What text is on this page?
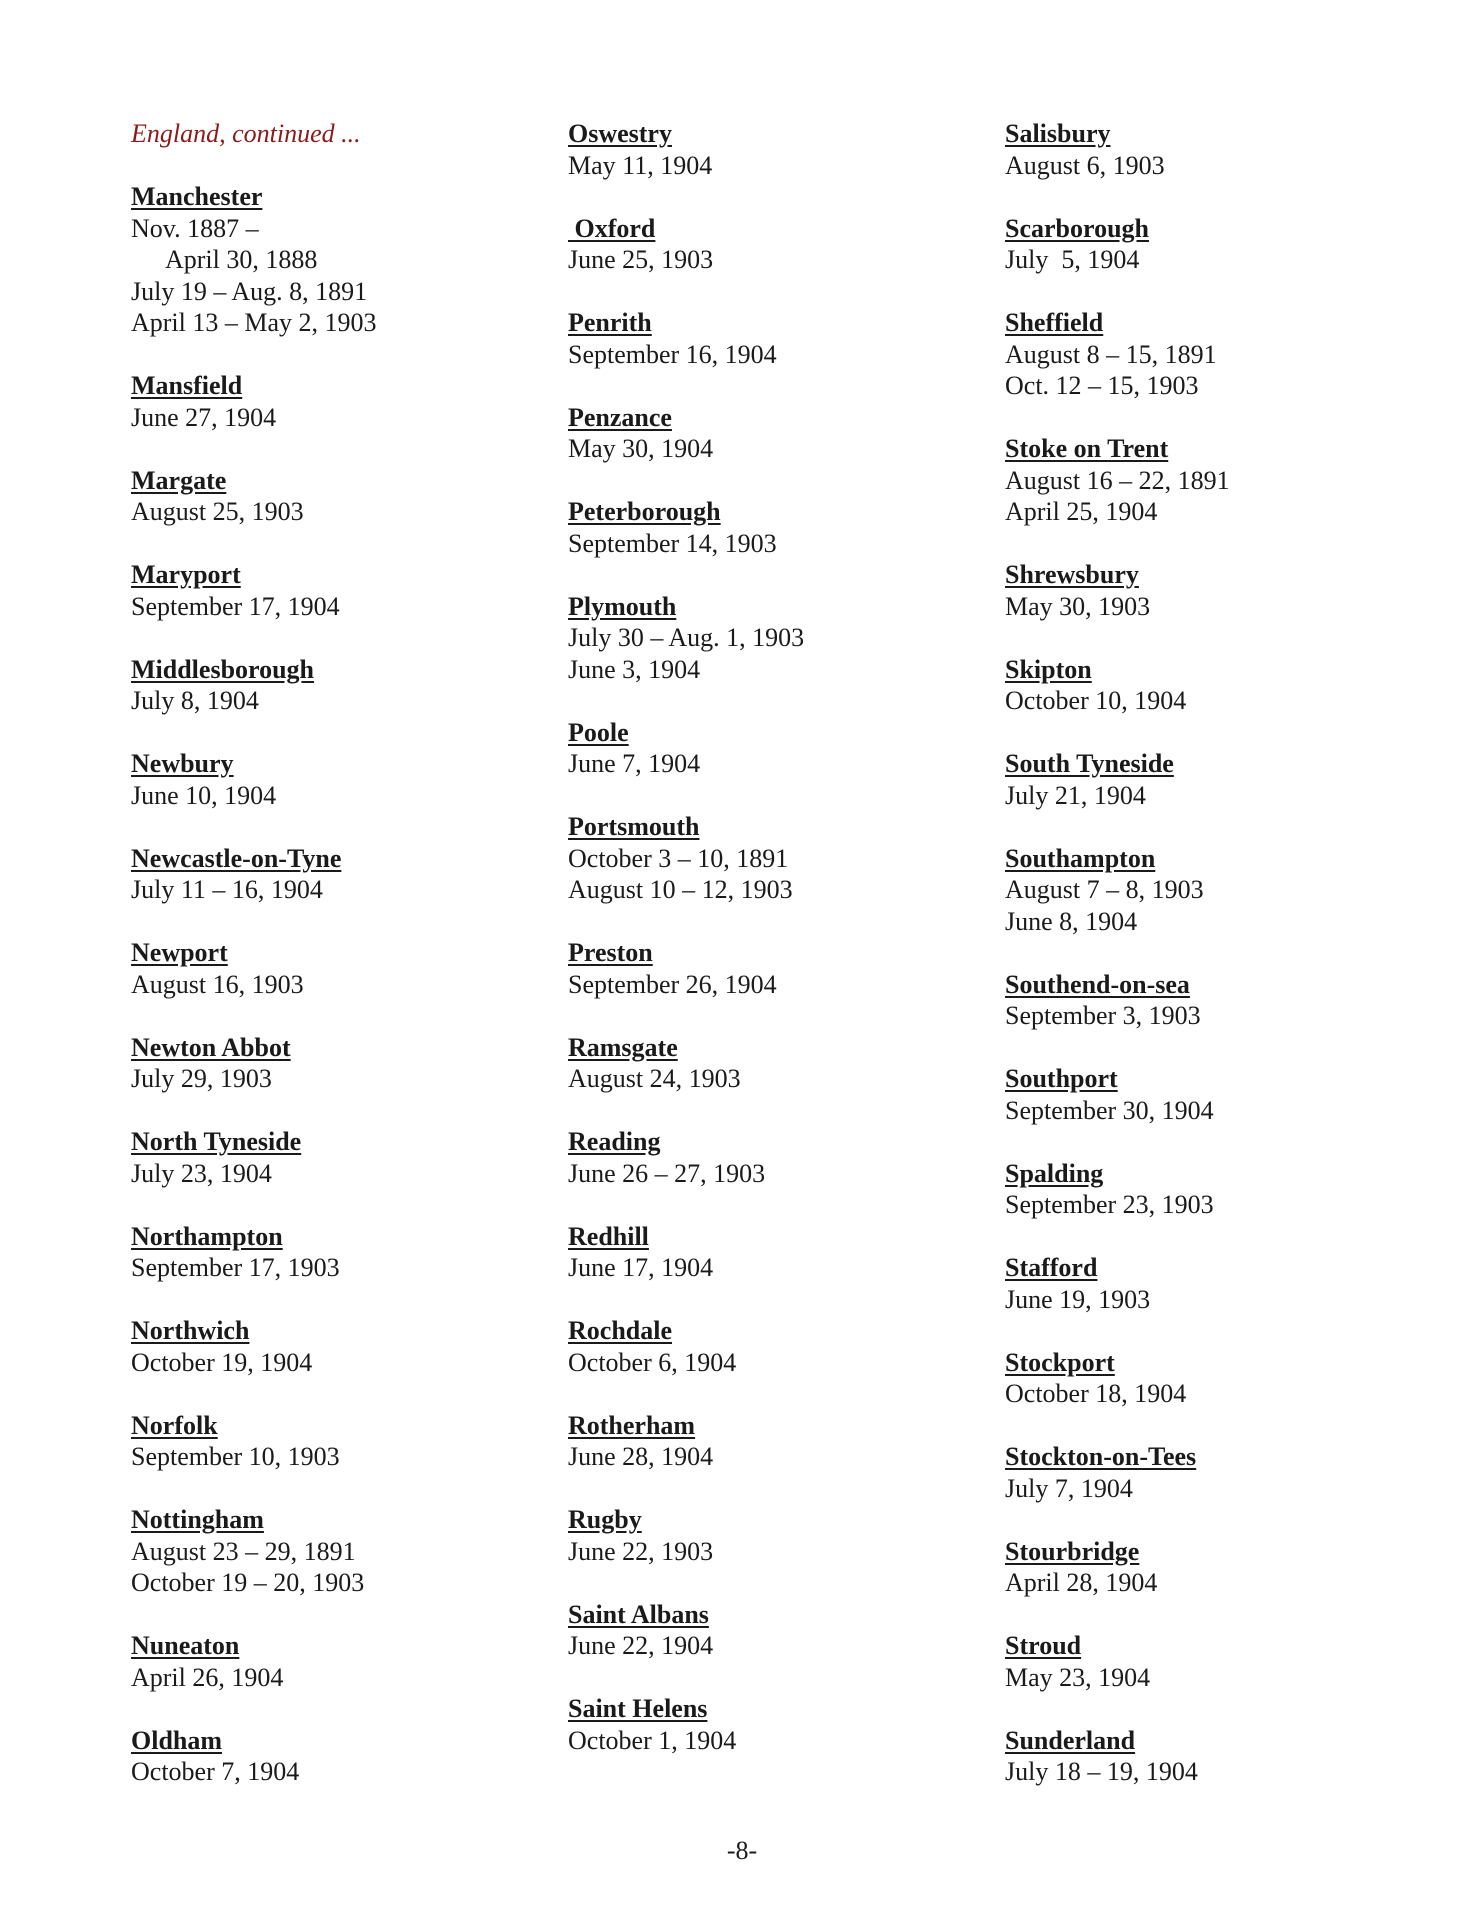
England, continued ...
Manchester
Nov. 1887 –
April 30, 1888
July 19 – Aug. 8, 1891
April 13 – May 2, 1903
Mansfield
June 27, 1904
Margate
August 25, 1903
Maryport
September 17, 1904
Middlesborough
July 8, 1904
Newbury
June 10, 1904
Newcastle-on-Tyne
July 11 – 16, 1904
Newport
August 16, 1903
Newton Abbot
July 29, 1903
North Tyneside
July 23, 1904
Northampton
September 17, 1903
Northwich
October 19, 1904
Norfolk
September 10, 1903
Nottingham
August 23 – 29, 1891
October 19 – 20, 1903
Nuneaton
April 26, 1904
Oldham
October 7, 1904
Oswestry
May 11, 1904
Oxford
June 25, 1903
Penrith
September 16, 1904
Penzance
May 30, 1904
Peterborough
September 14, 1903
Plymouth
July 30 – Aug. 1, 1903
June 3, 1904
Poole
June 7, 1904
Portsmouth
October 3 – 10, 1891
August 10 – 12, 1903
Preston
September 26, 1904
Ramsgate
August 24, 1903
Reading
June 26 – 27, 1903
Redhill
June 17, 1904
Rochdale
October 6, 1904
Rotherham
June 28, 1904
Rugby
June 22, 1903
Saint Albans
June 22, 1904
Saint Helens
October 1, 1904
Salisbury
August 6, 1903
Scarborough
July  5, 1904
Sheffield
August 8 – 15, 1891
Oct. 12 – 15, 1903
Stoke on Trent
August 16 – 22, 1891
April 25, 1904
Shrewsbury
May 30, 1903
Skipton
October 10, 1904
South Tyneside
July 21, 1904
Southampton
August 7 – 8, 1903
June 8, 1904
Southend-on-sea
September 3, 1903
Southport
September 30, 1904
Spalding
September 23, 1903
Stafford
June 19, 1903
Stockport
October 18, 1904
Stockton-on-Tees
July 7, 1904
Stourbridge
April 28, 1904
Stroud
May 23, 1904
Sunderland
July 18 – 19, 1904
-8-
